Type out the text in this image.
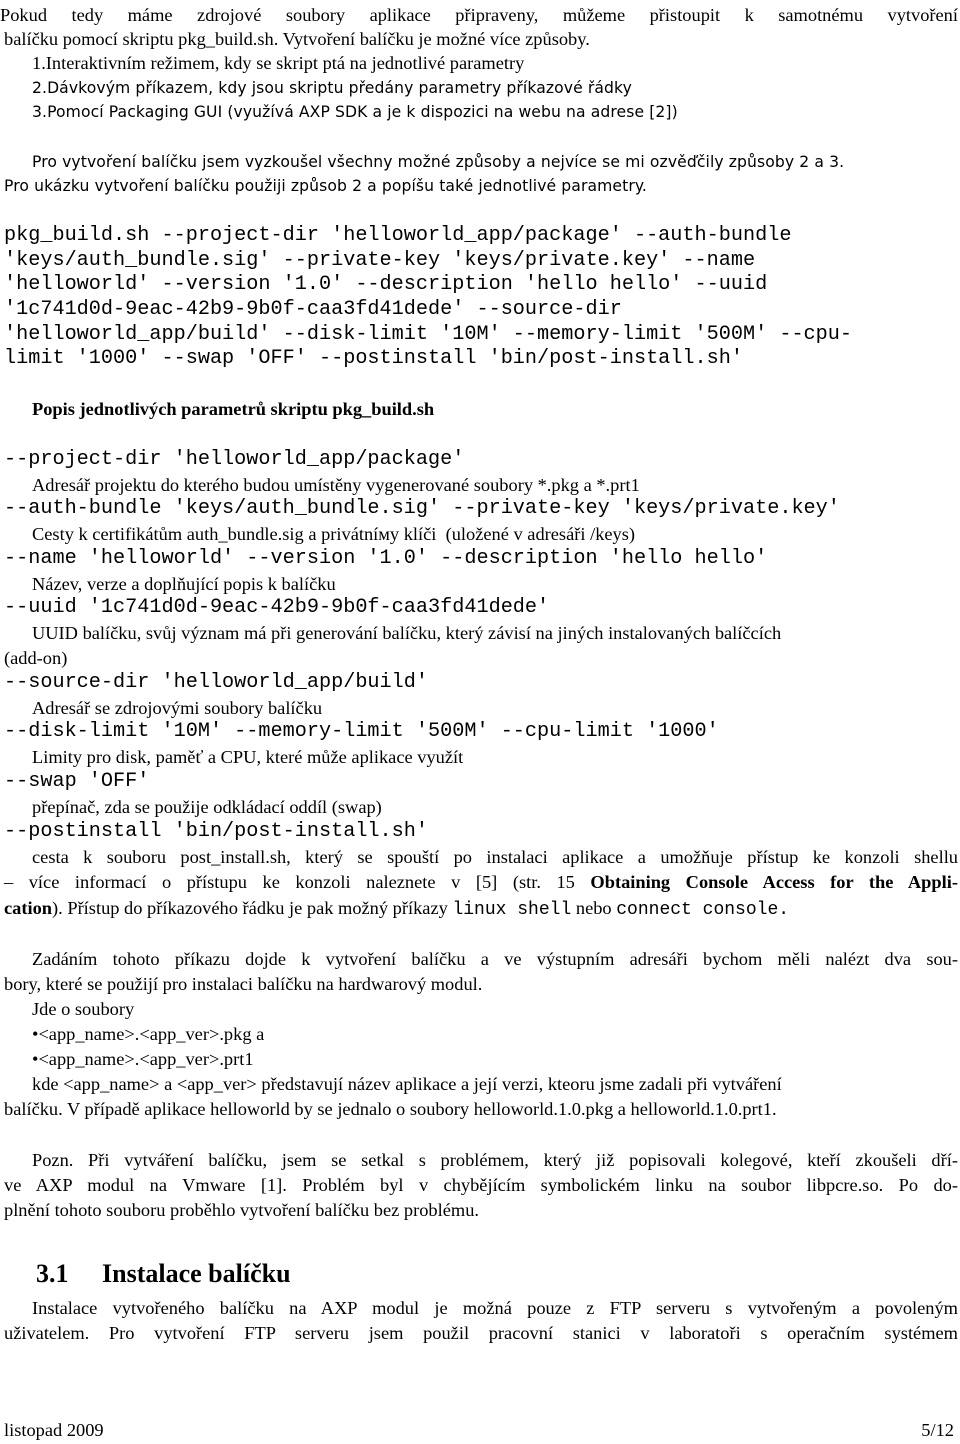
Pokud tedy máme zdrojové soubory aplikace připraveny, můžeme přistoupit k samotnému vytvoření
balíčku pomocí skriptu pkg_build.sh. Vytvoření balíčku je možné více způsoby.
1.Interaktivním režimem, kdy se skript ptá na jednotlivé parametry
2.Dávkovým příkazem, kdy jsou skriptu předány parametry příkazové řádky
3.Pomocí Packaging GUI (využívá AXP SDK a je k dispozici na webu na adrese [2])
Pro vytvoření balíčku jsem vyzkoušel všechny možné způsoby a nejvíce se mi ozvěďčily způsoby 2 a 3.
Pro ukázku vytvoření balíčku použiji způsob 2 a popíšu také jednotlivé parametry.
pkg_build.sh --project-dir 'helloworld_app/package' --auth-bundle
'keys/auth_bundle.sig' --private-key 'keys/private.key' --name
'helloworld' --version '1.0' --description 'hello hello' --uuid
'1c741d0d-9eac-42b9-9b0f-caa3fd41dede' --source-dir
'helloworld_app/build' --disk-limit '10M' --memory-limit '500M' --cpu-
limit '1000' --swap 'OFF' --postinstall 'bin/post-install.sh'
Popis jednotlivých parametrů skriptu pkg_build.sh
--project-dir 'helloworld_app/package'
Adresář projektu do kterého budou umístěny vygenerované soubory *.pkg a *.prt1
--auth-bundle 'keys/auth_bundle.sig' --private-key 'keys/private.key'
Cesty k certifikátům auth_bundle.sig a privátníму klíči  (uložené v adresáři /keys)
--name 'helloworld' --version '1.0' --description 'hello hello'
Název, verze a doplňující popis k balíčku
--uuid '1c741d0d-9eac-42b9-9b0f-caa3fd41dede'
UUID balíčku, svůj význam má při generování balíčku, který závisí na jiných instalovaných balíčcích
(add-on)
--source-dir 'helloworld_app/build'
Adresář se zdrojovými soubory balíčku
--disk-limit '10M' --memory-limit '500M' --cpu-limit '1000'
Limity pro disk, paměť a CPU, které může aplikace využít
--swap 'OFF'
přepínač, zda se použije odkládací oddíl (swap)
--postinstall 'bin/post-install.sh'
cesta k souboru post_install.sh, který se spouští po instalaci aplikace a umožňuje přístup ke konzoli shellu
– více informací o přístupu ke konzoli naleznete v [5] (str. 15 Obtaining Console Access for the Appli-
cation). Přístup do příkazového řádku je pak možný příkazy linux shell nebo connect console.
Zadáním tohoto příkazu dojde k vytvoření balíčku a ve výstupním adresáři bychom měli nalézt dva sou-
bory, které se použijí pro instalaci balíčku na hardwarový modul.
Jde o soubory
•<app_name>.<app_ver>.pkg a
•<app_name>.<app_ver>.prt1
kde <app_name> a <app_ver> představují název aplikace a její verzi, kteoru jsme zadali při vytváření
balíčku. V případě aplikace helloworld by se jednalo o soubory helloworld.1.0.pkg a helloworld.1.0.prt1.
Pozn. Při vytváření balíčku, jsem se setkal s problémem, který již popisovali kolegové, kteří zkoušeli dří-
ve AXP modul na Vmware [1]. Problém byl v chybějícím symbolickém linku na soubor libpcre.so. Po do-
plnění tohoto souboru proběhlo vytvoření balíčku bez problému.
3.1 Instalace balíčku
Instalace vytvořeného balíčku na AXP modul je možná pouze z FTP serveru s vytvořeným a povoleným
uživatelem. Pro vytvoření FTP serveru jsem použil pracovní stanici v laboratoři s operačním systémem
listopad 2009	5/12
